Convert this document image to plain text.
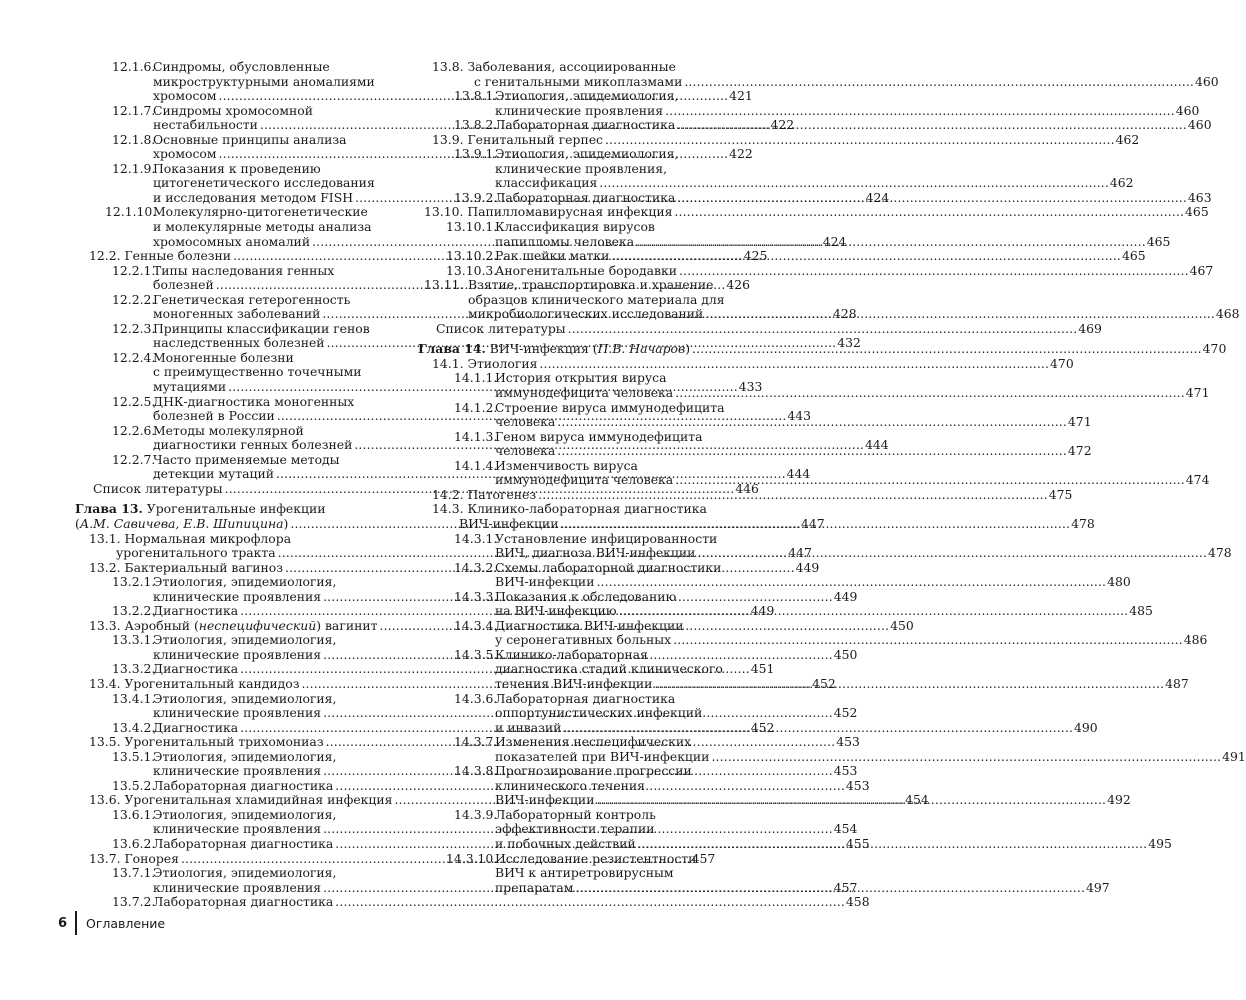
12.1.6.
Синдромы, обусловленные
микроструктурными аномалиями
хромосом . . .	421
12.1.7.
Синдромы хромосомной
нестабильности . . .	422
12.1.8.
Основные принципы анализа
хромосом . . .	422
12.1.9.
Показания к проведению
цитогенетического исследования
и исследования методом FISH . . .	424
12.1.10.
Молекулярно-цитогенетические
и молекулярные методы анализа
хромосомных аномалий . . .	424
12.2. Генные болезни . . .	425
12.2.1.
Типы наследования генных
болезней . . .	426
12.2.2.
Генетическая гетерогенность
моногенных заболеваний . . .	428
12.2.3.
Принципы классификации генов
наследственных болезней . . .	432
12.2.4.
Моногенные болезни
с преимущественно точечными
мутациями . . .	433
12.2.5.
ДНК-диагностика моногенных
болезней в России . . .	443
12.2.6.
Методы молекулярной
диагностики генных болезней . . .	444
12.2.7.
Часто применяемые методы
детекции мутаций . . .	444
Список литературы . . .	446
Глава 13. Урогенитальные инфекции
(А.М. Савичева, Е.В. Шипицина) . . .	447
13.1. Нормальная микрофлора
урогенитального тракта . . .	447
13.2. Бактериальный вагиноз . . .	449
13.2.1.
Этиология, эпидемиология,
клинические проявления . . .	449
13.2.2.
Диагностика . . .	449
13.3. Аэробный (неспецифический) вагинит . . .	450
13.3.1.
Этиология, эпидемиология,
клинические проявления . . .	450
13.3.2.
Диагностика . . .	451
13.4. Урогенитальный кандидоз . . .	452
13.4.1.
Этиология, эпидемиология,
клинические проявления . . .	452
13.4.2.
Диагностика . . .	452
13.5. Урогенитальный трихомониаз . . .	453
13.5.1.
Этиология, эпидемиология,
клинические проявления . . .	453
13.5.2.
Лабораторная диагностика . . .	453
13.6. Урогенитальная хламидийная инфекция . . .	454
13.6.1.
Этиология, эпидемиология,
клинические проявления . . .	454
13.6.2.
Лабораторная диагностика . . .	455
13.7. Гонорея . . .	457
13.7.1.
Этиология, эпидемиология,
клинические проявления . . .	457
13.7.2.
Лабораторная диагностика . . .	458
13.8. Заболевания, ассоциированные
с генитальными микоплазмами . . .	460
13.8.1.
Этиология, эпидемиология,
клинические проявления . . .	460
13.8.2.
Лабораторная диагностика . . .	460
13.9. Генитальный герпес . . .	462
13.9.1.
Этиология, эпидемиология,
клинические проявления,
классификация . . .	462
13.9.2.
Лабораторная диагностика . . .	463
13.10. Папилломавирусная инфекция . . .	465
13.10.1.
Классификация вирусов
папилломы человека . . .	465
13.10.2.
Рак шейки матки . . .	465
13.10.3.
Аногенитальные бородавки . . .	467
13.11. Взятие, транспортировка и хранение
образцов клинического материала для
микробиологических исследований . . .	468
Список литературы . . .	469
Глава 14. ВИЧ-инфекция (П.В. Начаров) . . .	470
14.1. Этиология . . .	470
14.1.1.
История открытия вируса
иммунодефицита человека . . .	471
14.1.2.
Строение вируса иммунодефицита
человека . . .	471
14.1.3.
Геном вируса иммунодефицита
человека . . .	472
14.1.4.
Изменчивость вируса
иммунодефицита человека . . .	474
14.2. Патогенез . . .	475
14.3. Клинико-лабораторная диагностика
ВИЧ-инфекции . . .	478
14.3.1.
Установление инфицированности
ВИЧ, диагноза ВИЧ-инфекции . . .	478
14.3.2.
Схемы лабораторной диагностики
ВИЧ-инфекции . . .	480
14.3.3.
Показания к обследованию
на ВИЧ-инфекцию . . .	485
14.3.4.
Диагностика ВИЧ-инфекции
у серонегативных больных . . .	486
14.3.5.
Клинико-лабораторная
диагностика стадий клинического
течения ВИЧ-инфекции . . .	487
14.3.6.
Лабораторная диагностика
оппортунистических инфекций
и инвазий . . .	490
14.3.7.
Изменения неспецифических
показателей при ВИЧ-инфекции . . .	491
14.3.8.
Прогнозирование прогрессии
клинического течения
ВИЧ-инфекции . . .	492
14.3.9.
Лабораторный контроль
эффективности терапии
и побочных действий . . .	495
14.3.10.
Исследование резистентности
ВИЧ к антиретровирусным
препаратам . . .	497
6 Оглавление
